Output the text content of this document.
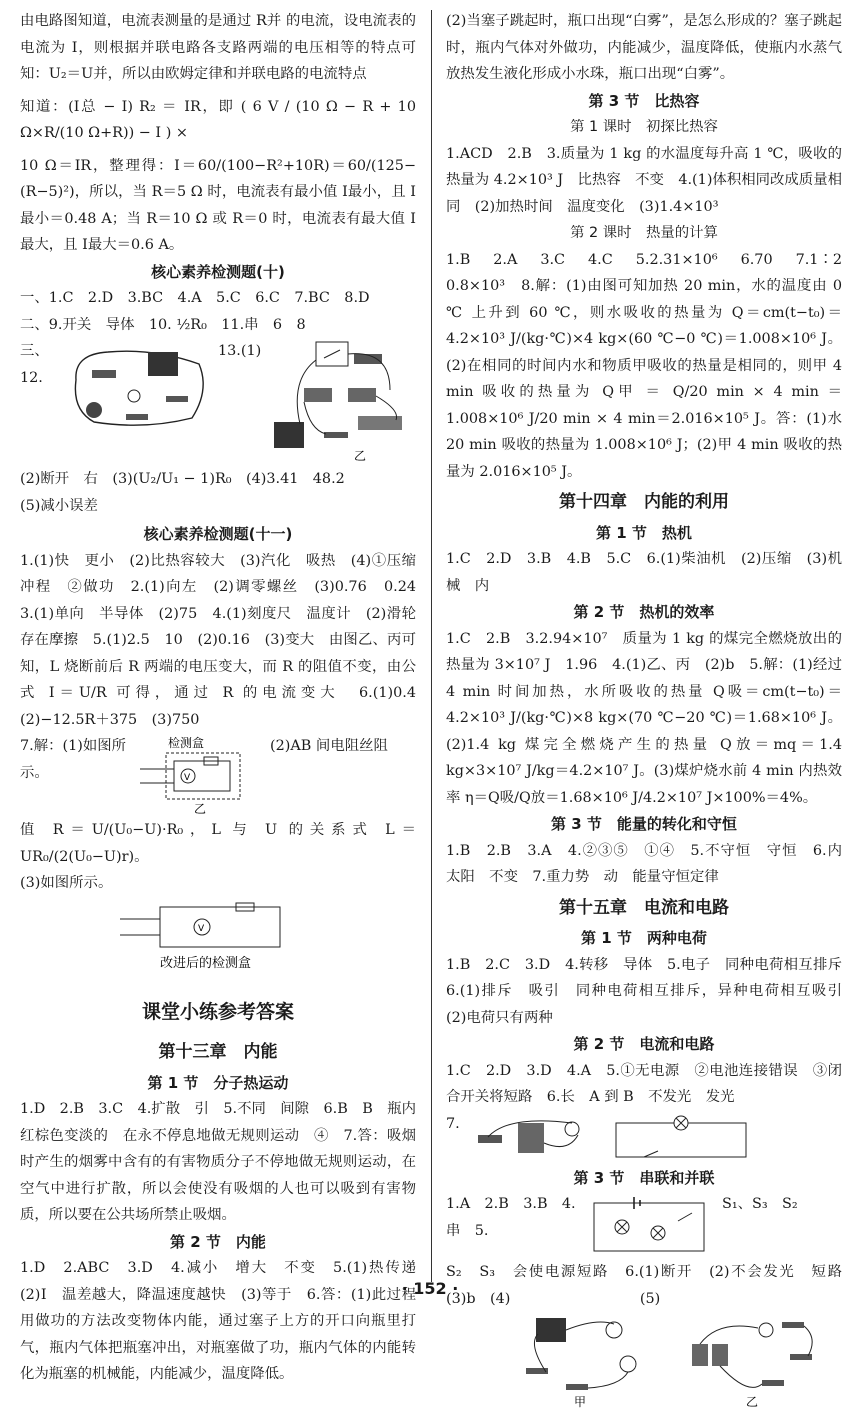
由电路图知道，电流表测量的是通过 R并 的电流，设电流表的电流为 I，则根据并联电路各支路两端的电压相等的特点可知：U₂＝U并，所以由欧姆定律和并联电路的电流特点

知道：(I总 − I) R₂ ＝ IR，即 ( 6 V / (10 Ω − R + 10 Ω×R/(10 Ω+R)) − I ) ×

10 Ω＝IR，整理得：I＝60/(100−R²+10R)＝60/(125−(R−5)²)，所以，当 R＝5 Ω 时，电流表有最小值 I最小，且 I最小＝0.48 A；当 R＝10 Ω 或 R＝0 时，电流表有最大值 I最大，且 I最大＝0.6 A。

核心素养检测题(十)

一、1.C　2.D　3.BC　4.A　5.C　6.C　7.BC　8.D

二、9.开关　导体　10. ½R₀　11.串　6　8

三、12.
13.(1)
乙

(2)断开　右　(3)(U₂/U₁ − 1)R₀　(4)3.41　48.2

(5)减小误差

核心素养检测题(十一)

1.(1)快　更小　(2)比热容较大　(3)汽化　吸热　(4)①压缩冲程　②做功　2.(1)向左　(2)调零螺丝　(3)0.76　0.24　3.(1)单向　半导体　(2)75　4.(1)刻度尺　温度计　(2)滑轮存在摩擦　5.(1)2.5　10　(2)0.16　(3)变大　由图乙、丙可知，L 烧断前后 R 两端的电压变大，而 R 的阻值不变，由公式 I＝U/R 可得，通过 R 的电流变大　6.(1)0.4　(2)−12.5R＋375　(3)750

7.解：(1)如图所示。
检测盒
V
乙
(2)AB 间电阻丝阻

值 R＝U/(U₀−U)·R₀，L 与 U 的关系式 L＝UR₀/(2(U₀−U)r)。

(3)如图所示。

V
改进后的检测盒
课堂小练参考答案
第十三章　内能
第 1 节　分子热运动

1.D　2.B　3.C　4.扩散　引　5.不同　间隙　6.B　B　瓶内红棕色变淡的　在永不停息地做无规则运动　④　7.答：吸烟时产生的烟雾中含有的有害物质分子不停地做无规则运动，在空气中进行扩散，所以会使没有吸烟的人也可以吸到有害物质，所以要在公共场所禁止吸烟。

第 2 节　内能

1.D　2.ABC　3.D　4.减小　增大　不变　5.(1)热传递　(2)Ⅰ　温差越大，降温速度越快　(3)等于　6.答：(1)此过程用做功的方法改变物体内能，通过塞子上方的开口向瓶里打气，瓶内气体把瓶塞冲出，对瓶塞做了功，瓶内气体的内能转化为瓶塞的机械能，内能减少，温度降低。

(2)当塞子跳起时，瓶口出现“白雾”，是怎么形成的？塞子跳起时，瓶内气体对外做功，内能减少，温度降低，使瓶内水蒸气放热发生液化形成小水珠，瓶口出现“白雾”。

第 3 节　比热容
第 1 课时　初探比热容

1.ACD　2.B　3.质量为 1 kg 的水温度每升高 1 ℃，吸收的热量为 4.2×10³ J　比热容　不变　4.(1)体积相同改成质量相同　(2)加热时间　温度变化　(3)1.4×10³

第 2 课时　热量的计算

1.B　2.A　3.C　4.C　5.2.31×10⁶　6.70　7.1∶2　0.8×10³　8.解：(1)由图可知加热 20 min，水的温度由 0 ℃ 上升到 60 ℃，则水吸收的热量为 Q＝cm(t−t₀)＝4.2×10³ J/(kg·℃)×4 kg×(60 ℃−0 ℃)＝1.008×10⁶ J。(2)在相同的时间内水和物质甲吸收的热量是相同的，则甲 4 min 吸收的热量为 Q甲 ＝ Q/20 min × 4 min ＝ 1.008×10⁶ J/20 min × 4 min＝2.016×10⁵ J。答：(1)水 20 min 吸收的热量为 1.008×10⁶ J；(2)甲 4 min 吸收的热量为 2.016×10⁵ J。

第十四章　内能的利用
第 1 节　热机

1.C　2.D　3.B　4.B　5.C　6.(1)柴油机　(2)压缩　(3)机械　内

第 2 节　热机的效率

1.C　2.B　3.2.94×10⁷　质量为 1 kg 的煤完全燃烧放出的热量为 3×10⁷ J　1.96　4.(1)乙、丙　(2)b　5.解：(1)经过 4 min 时间加热，水所吸收的热量 Q吸＝cm(t−t₀)＝4.2×10³ J/(kg·℃)×8 kg×(70 ℃−20 ℃)＝1.68×10⁶ J。(2)1.4 kg 煤完全燃烧产生的热量 Q放＝mq＝1.4 kg×3×10⁷ J/kg＝4.2×10⁷ J。(3)煤炉烧水前 4 min 内热效率 η＝Q吸/Q放＝1.68×10⁶ J/4.2×10⁷ J×100%＝4%。

第 3 节　能量的转化和守恒

1.B　2.B　3.A　4.②③⑤　①④　5.不守恒　守恒　6.内　太阳　不变　7.重力势　动　能量守恒定律

第十五章　电流和电路
第 1 节　两种电荷

1.B　2.C　3.D　4.转移　导体　5.电子　同种电荷相互排斥　6.(1)排斥　吸引　同种电荷相互排斥，异种电荷相互吸引　(2)电荷只有两种

第 2 节　电流和电路

1.C　2.D　3.D　4.A　5.①无电源　②电池连接错误　③闭合开关将短路　6.长　A 到 B　不发光　发光

7.
第 3 节　串联和并联
1.A　2.B　3.B　4.串　5.
S₁、S₃　S₂

S₂　S₃　会使电源短路　6.(1)断开　(2)不会发光　短路　(3)b　(4)　　　　　　　　　	(5)

甲	乙
· 152 ·
